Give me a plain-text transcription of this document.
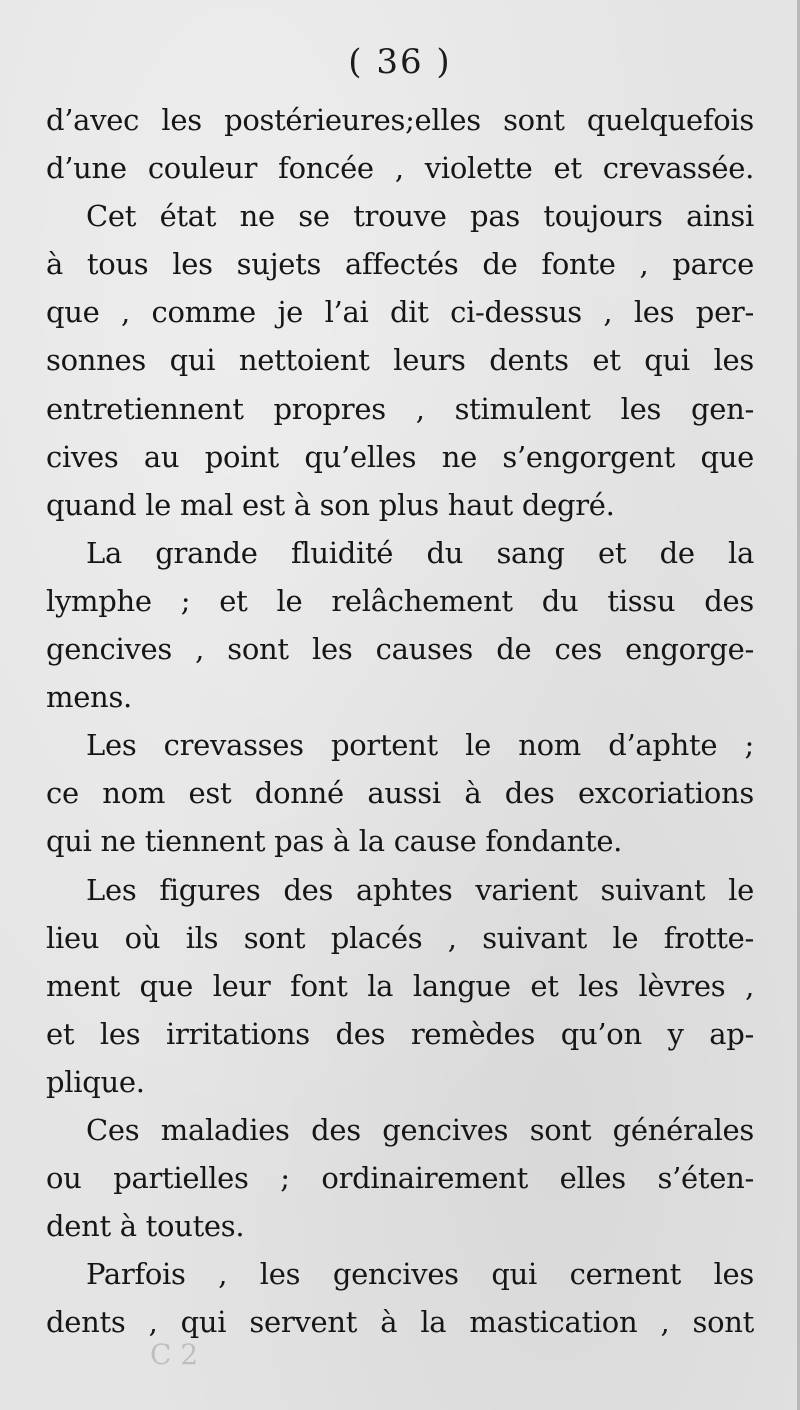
( 36 )
d’avec les postérieures;elles sont quelquefois
d’une couleur foncée , violette et crevassée.
Cet état ne se trouve pas toujours ainsi
à tous les sujets affectés de fonte , parce
que , comme je l’ai dit ci-dessus , les per-
sonnes qui nettoient leurs dents et qui les
entretiennent propres , stimulent les gen-
cives au point qu’elles ne s’engorgent que
quand le mal est à son plus haut degré.
La grande fluidité du sang et de la
lymphe ; et le relâchement du tissu des
gencives , sont les causes de ces engorge-
mens.
Les crevasses portent le nom d’aphte ;
ce nom est donné aussi à des excoriations
qui ne tiennent pas à la cause fondante.
Les figures des aphtes varient suivant le
lieu où ils sont placés , suivant le frotte-
ment que leur font la langue et les lèvres ,
et les irritations des remèdes qu’on y ap-
plique.
Ces maladies des gencives sont générales
ou partielles ; ordinairement elles s’éten-
dent à toutes.
Parfois , les gencives qui cernent les
dents , qui servent à la mastication , sont
C 2
